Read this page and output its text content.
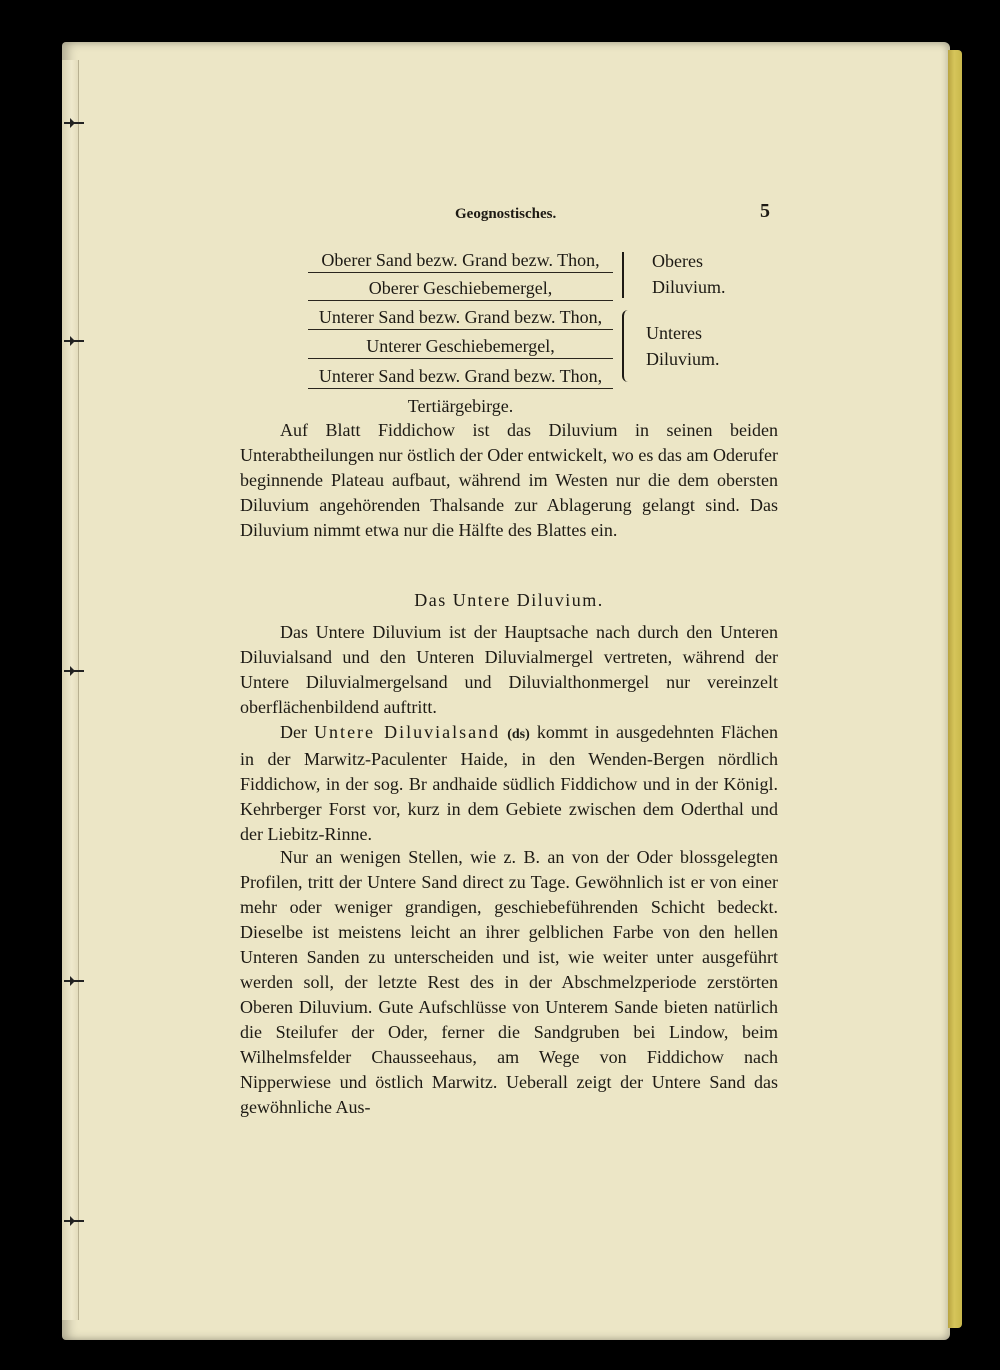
Geognostisches.	5
Oberer Sand bezw. Grand bezw. Thon,
Oberer Geschiebemergel,
Unterer Sand bezw. Grand bezw. Thon,
Unterer Geschiebemergel,
Unterer Sand bezw. Grand bezw. Thon,
Tertiärgebirge.
Oberes
Diluvium.
Unteres
Diluvium.

Auf Blatt Fiddichow ist das Diluvium in seinen beiden Unterabtheilungen nur östlich der Oder entwickelt, wo es das am Oderufer beginnende Plateau aufbaut, während im Westen nur die dem obersten Diluvium angehörenden Thalsande zur Ablagerung gelangt sind. Das Diluvium nimmt etwa nur die Hälfte des Blattes ein.

Das Untere Diluvium.

Das Untere Diluvium ist der Hauptsache nach durch den Unteren Diluvialsand und den Unteren Diluvialmergel vertreten, während der Untere Diluvialmergelsand und Diluvialthonmergel nur vereinzelt oberflächenbildend auftritt.

Der Untere Diluvialsand (ds) kommt in ausgedehnten Flächen in der Marwitz-Paculenter Haide, in den Wenden-Bergen nördlich Fiddichow, in der sog. Br andhaide südlich Fiddichow und in der Königl. Kehrberger Forst vor, kurz in dem Gebiete zwischen dem Oderthal und der Liebitz-Rinne.

Nur an wenigen Stellen, wie z. B. an von der Oder blossgelegten Profilen, tritt der Untere Sand direct zu Tage. Gewöhnlich ist er von einer mehr oder weniger grandigen, geschiebeführenden Schicht bedeckt. Dieselbe ist meistens leicht an ihrer gelblichen Farbe von den hellen Unteren Sanden zu unterscheiden und ist, wie weiter unter ausgeführt werden soll, der letzte Rest des in der Abschmelzperiode zerstörten Oberen Diluvium. Gute Aufschlüsse von Unterem Sande bieten natürlich die Steilufer der Oder, ferner die Sandgruben bei Lindow, beim Wilhelmsfelder Chausseehaus, am Wege von Fiddichow nach Nipperwiese und östlich Marwitz. Ueberall zeigt der Untere Sand das gewöhnliche Aus-
